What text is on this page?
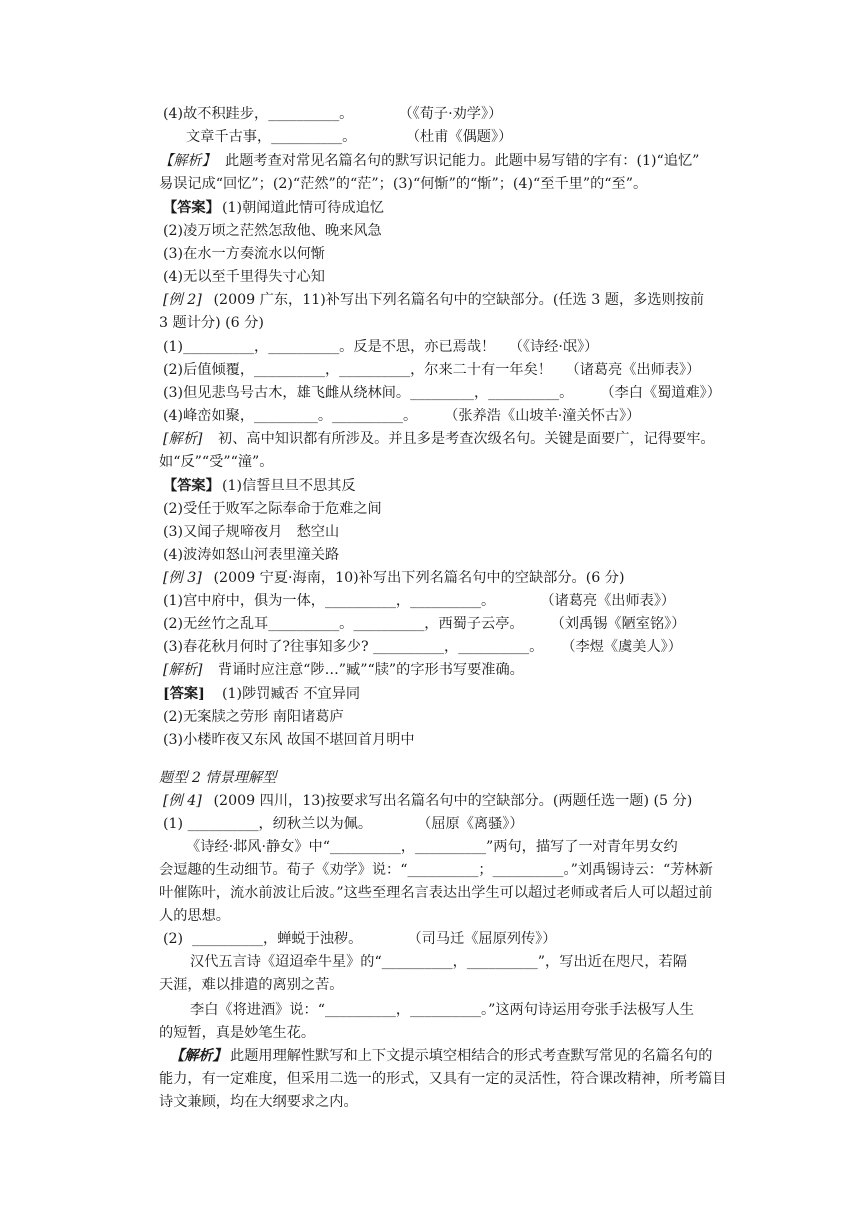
(4)故不积跬步，__________。          （《荀子·劝学》）
文章千古事，__________。           （杜甫《偶题》）
【解析】 此题考查对常见名篇名句的默写识记能力。此题中易写错的字有：(1)“追忆”
易误记成“回忆”；(2)“茫然”的“茫”；(3)“何惭”的“惭”；(4)“至千里”的“至”。
【答案】 (1)朝闻道此情可待成追忆
(2)凌万顷之茫然怎敌他、晚来风急
(3)在水一方奏流水以何惭
(4)无以至千里得失寸心知
[例 2] (2009 广东，11)补写出下列名篇名句中的空缺部分。(任选 3 题，多选则按前
3 题计分) (6 分)
(1)__________，__________。反是不思，亦已焉哉！   （《诗经·氓》）
(2)后值倾覆，__________，__________，尔来二十有一年矣！   （诸葛亮《出师表》）
(3)但见悲鸟号古木，雄飞雌从绕林间。_________，__________。      （李白《蜀道难》）
(4)峰峦如聚，_________。__________。      （张养浩《山坡羊·潼关怀古》）
[解析] 初、高中知识都有所涉及。并且多是考查次级名句。关键是面要广，记得要牢。
如“反”“受”“潼”。
【答案】 (1)信誓旦旦不思其反
(2)受任于败军之际奉命于危难之间
(3)又闻子规啼夜月　愁空山
(4)波涛如怒山河表里潼关路
[例 3] (2009 宁夏·海南，10)补写出下列名篇名句中的空缺部分。(6 分)
(1)宫中府中，俱为一体，__________，__________。          （诸葛亮《出师表》）
(2)无丝竹之乱耳__________。__________，西蜀子云亭。      （刘禹锡《陋室铭》）
(3)春花秋月何时了?往事知多少? __________，__________。    （李煜《虞美人》）
[解析] 背诵时应注意“陟…”臧”“牍”的字形书写要准确。
[答案] (1)陟罚臧否 不宜异同
(2)无案牍之劳形 南阳诸葛庐
(3)小楼昨夜又东风 故国不堪回首月明中
题型 2 情景理解型
[例 4] (2009 四川，13)按要求写出名篇名句中的空缺部分。(两题任选一题) (5 分)
(1) __________，纫秋兰以为佩。          （屈原《离骚》）
《诗经·邶风·静女》中“__________，__________”两句，描写了一对青年男女约
会逗趣的生动细节。荀子《劝学》说：“__________；__________。”刘禹锡诗云：“芳林新
叶催陈叶，流水前波让后波。”这些至理名言表达出学生可以超过老师或者后人可以超过前
人的思想。
(2)  __________，蝉蜕于浊秽。          （司马迁《屈原列传》）
汉代五言诗《迢迢牵牛星》的“__________，__________”，写出近在咫尺，若隔
天涯，难以排遣的离别之苦。
李白《将进酒》说：“__________，__________。”这两句诗运用夸张手法极写人生
的短暂，真是妙笔生花。
【解析】 此题用理解性默写和上下文提示填空相结合的形式考查默写常见的名篇名句的
能力，有一定难度，但采用二选一的形式，又具有一定的灵活性，符合课改精神，所考篇目
诗文兼顾，均在大纲要求之内。
